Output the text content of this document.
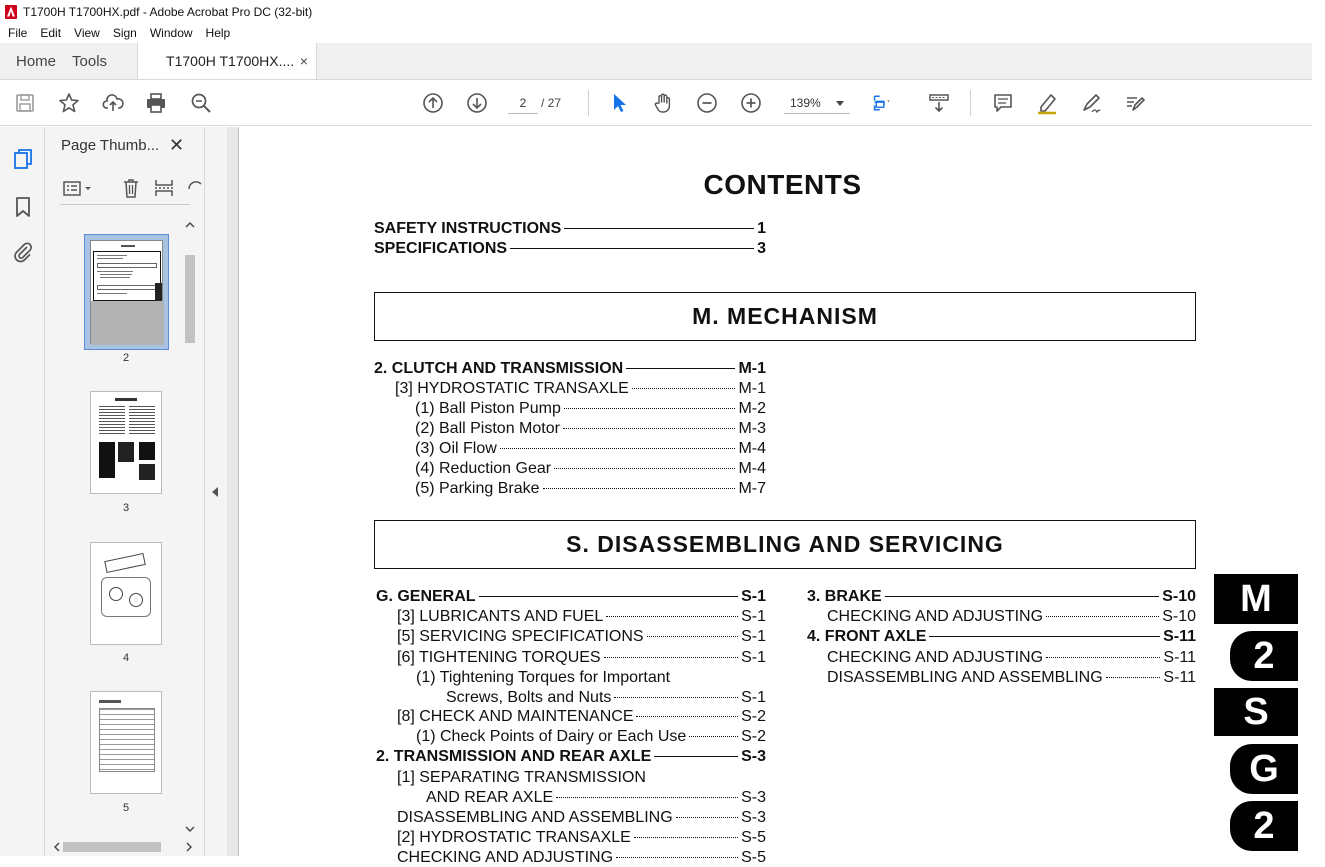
T1700H T1700HX.pdf - Adobe Acrobat Pro DC (32-bit)
File Edit View Sign Window Help
Home	Tools	T1700H T1700HX.... ×
2	/ 27	139%
Page Thumb... ✕
2
3
4
5
CONTENTS
SAFETY INSTRUCTIONS	1
SPECIFICATIONS	3
M. MECHANISM
2. CLUTCH AND TRANSMISSION	M-1
[3] HYDROSTATIC TRANSAXLE	M-1
(1) Ball Piston Pump	M-2
(2) Ball Piston Motor	M-3
(3) Oil Flow	M-4
(4) Reduction Gear	M-4
(5) Parking Brake	M-7
S. DISASSEMBLING AND SERVICING
G. GENERAL	S-1
[3] LUBRICANTS AND FUEL	S-1
[5] SERVICING SPECIFICATIONS	S-1
[6] TIGHTENING TORQUES	S-1
(1) Tightening Torques for Important
Screws, Bolts and Nuts	S-1
[8] CHECK AND MAINTENANCE	S-2
(1) Check Points of Dairy or Each Use	S-2
2. TRANSMISSION AND REAR AXLE	S-3
[1] SEPARATING TRANSMISSION
AND REAR AXLE	S-3
DISASSEMBLING AND ASSEMBLING	S-3
[2] HYDROSTATIC TRANSAXLE	S-5
CHECKING AND ADJUSTING	S-5
3. BRAKE	S-10
CHECKING AND ADJUSTING	S-10
4. FRONT AXLE	S-11
CHECKING AND ADJUSTING	S-11
DISASSEMBLING AND ASSEMBLING	S-11
M
2
S
G
2
